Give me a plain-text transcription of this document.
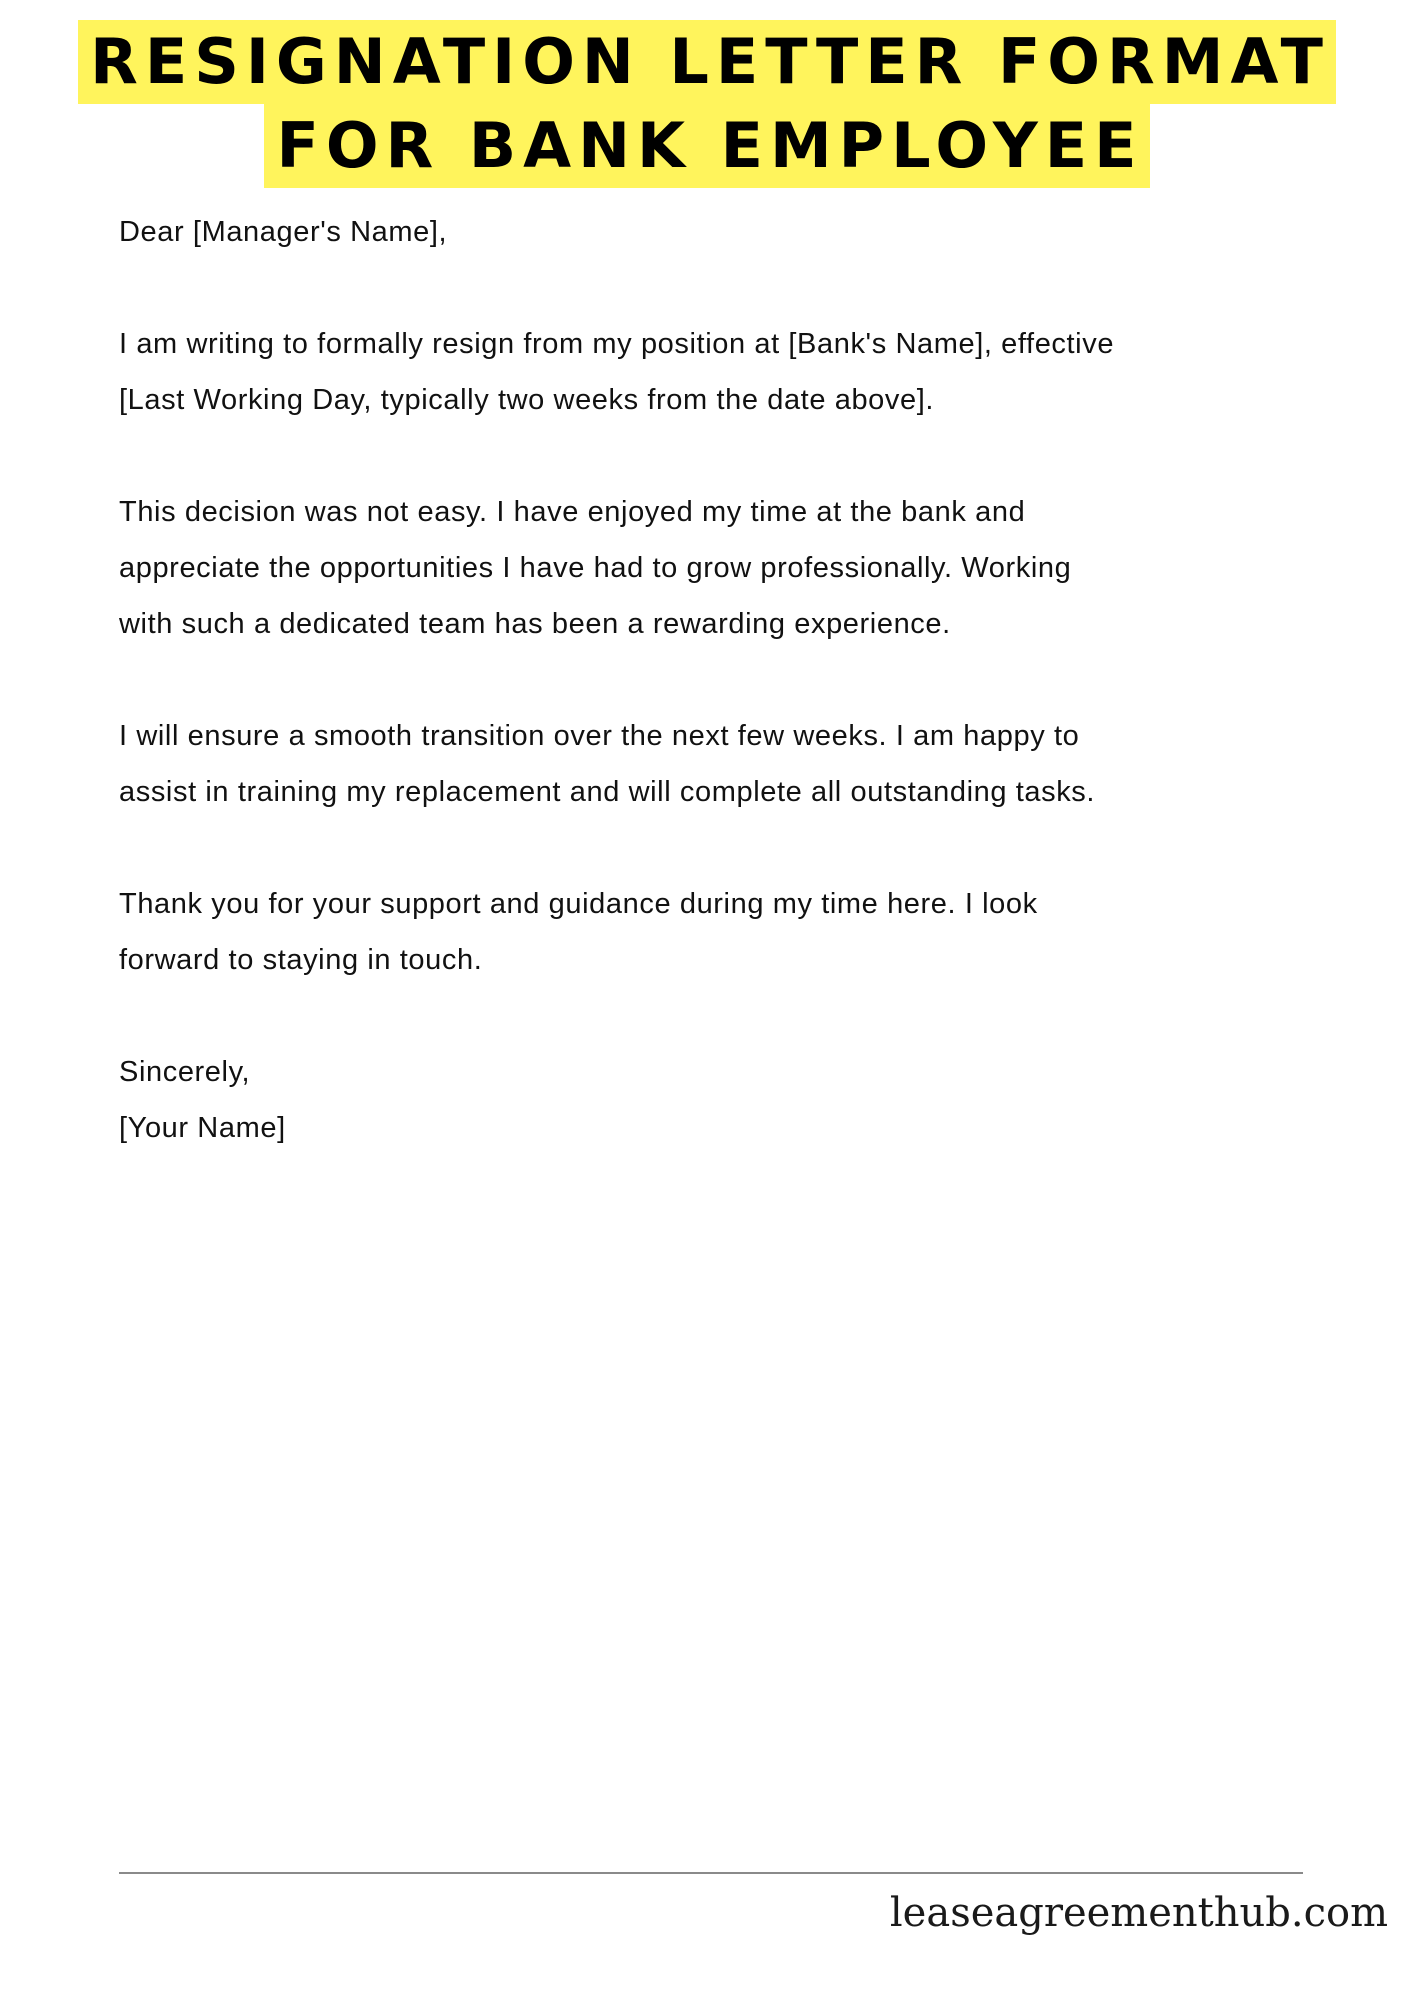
RESIGNATION LETTER FORMAT
FOR BANK EMPLOYEE

Dear [Manager's Name],

I am writing to formally resign from my position at [Bank's Name], effective
[Last Working Day, typically two weeks from the date above].

This decision was not easy. I have enjoyed my time at the bank and
appreciate the opportunities I have had to grow professionally. Working
with such a dedicated team has been a rewarding experience.

I will ensure a smooth transition over the next few weeks. I am happy to
assist in training my replacement and will complete all outstanding tasks.

Thank you for your support and guidance during my time here. I look
forward to staying in touch.

Sincerely,
[Your Name]

leaseagreementhub.com
